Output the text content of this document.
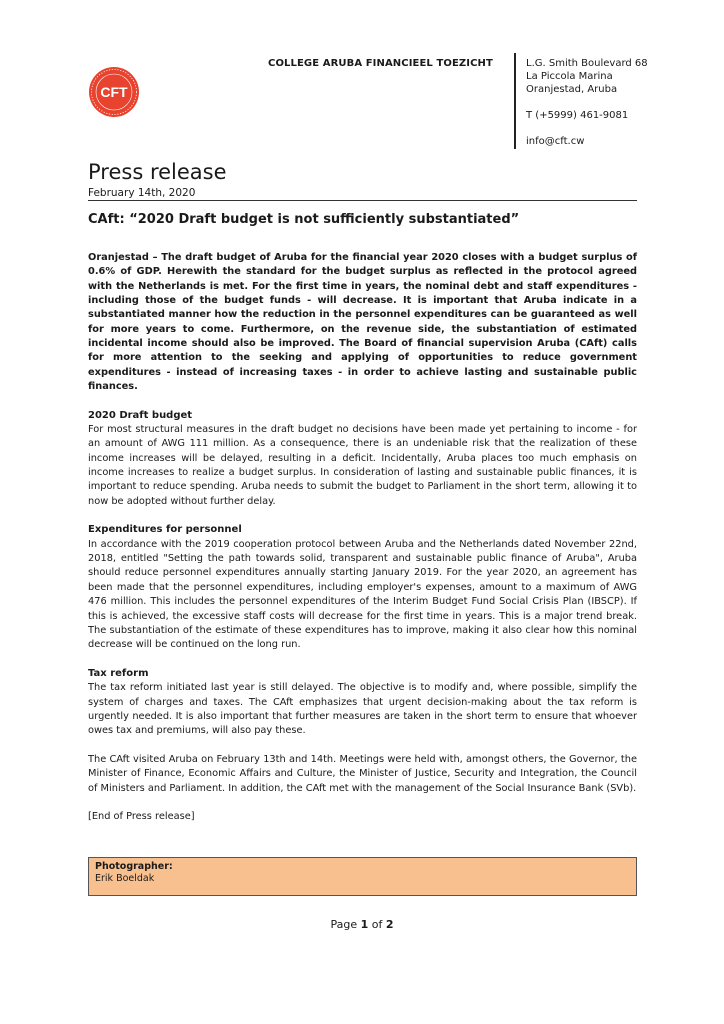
CFT
COLLEGE ARUBA FINANCIEEL TOEZICHT	L.G. Smith Boulevard 68
La Piccola Marina
Oranjestad, Aruba
T (+5999) 461-9081
info@cft.cw
Press release
February 14th, 2020
CAft: “2020 Draft budget is not sufficiently substantiated”

Oranjestad – The draft budget of Aruba for the financial year 2020 closes with a budget surplus of 0.6% of GDP. Herewith the standard for the budget surplus as reflected in the protocol agreed with the Netherlands is met. For the first time in years, the nominal debt and staff expenditures - including those of the budget funds - will decrease. It is important that Aruba indicate in a substantiated manner how the reduction in the personnel expenditures can be guaranteed as well for more years to come. Furthermore, on the revenue side, the substantiation of estimated incidental income should also be improved. The Board of financial supervision Aruba (CAft) calls for more attention to the seeking and applying of opportunities to reduce government expenditures - instead of increasing taxes - in order to achieve lasting and sustainable public finances.

2020 Draft budget

For most structural measures in the draft budget no decisions have been made yet pertaining to income - for an amount of AWG 111 million. As a consequence, there is an undeniable risk that the realization of these income increases will be delayed, resulting in a deficit. Incidentally, Aruba places too much emphasis on income increases to realize a budget surplus. In consideration of lasting and sustainable public finances, it is important to reduce spending. Aruba needs to submit the budget to Parliament in the short term, allowing it to now be adopted without further delay.

Expenditures for personnel

In accordance with the 2019 cooperation protocol between Aruba and the Netherlands dated November 22nd, 2018, entitled "Setting the path towards solid, transparent and sustainable public finance of Aruba", Aruba should reduce personnel expenditures annually starting January 2019. For the year 2020, an agreement has been made that the personnel expenditures, including employer's expenses, amount to a maximum of AWG 476 million. This includes the personnel expenditures of the Interim Budget Fund Social Crisis Plan (IBSCP). If this is achieved, the excessive staff costs will decrease for the first time in years. This is a major trend break. The substantiation of the estimate of these expenditures has to improve, making it also clear how this nominal decrease will be continued on the long run.

Tax reform

The tax reform initiated last year is still delayed. The objective is to modify and, where possible, simplify the system of charges and taxes. The CAft emphasizes that urgent decision-making about the tax reform is urgently needed. It is also important that further measures are taken in the short term to ensure that whoever owes tax and premiums, will also pay these.

The CAft visited Aruba on February 13th and 14th. Meetings were held with, amongst others, the Governor, the Minister of Finance, Economic Affairs and Culture, the Minister of Justice, Security and Integration, the Council of Ministers and Parliament. In addition, the CAft met with the management of the Social Insurance Bank (SVb).

[End of Press release]

Photographer:
Erik Boeldak
Page 1 of 2
